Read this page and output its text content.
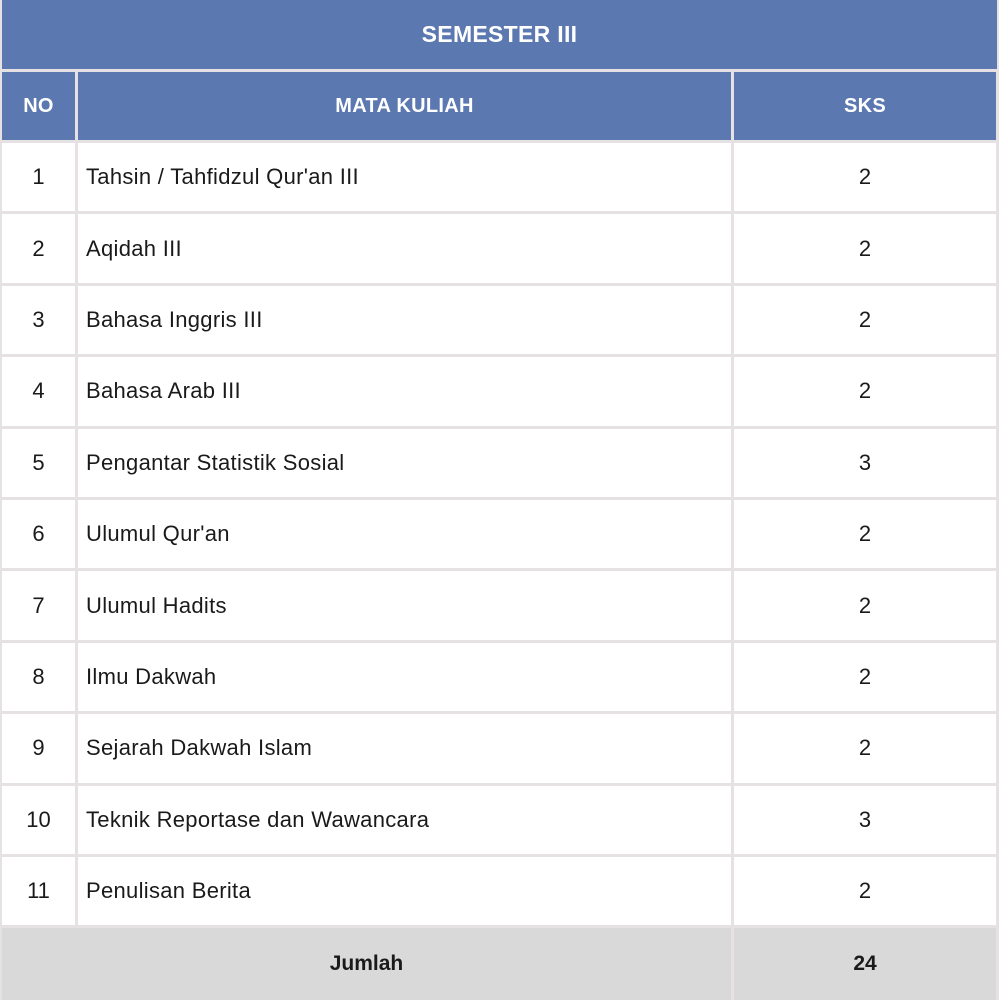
SEMESTER III
NO	MATA KULIAH	SKS
1	Tahsin / Tahfidzul Qur'an III	2
2	Aqidah III	2
3	Bahasa Inggris III	2
4	Bahasa Arab III	2
5	Pengantar Statistik Sosial	3
6	Ulumul Qur'an	2
7	Ulumul Hadits	2
8	Ilmu Dakwah	2
9	Sejarah Dakwah Islam	2
10	Teknik Reportase dan Wawancara	3
11	Penulisan Berita	2
Jumlah	24
